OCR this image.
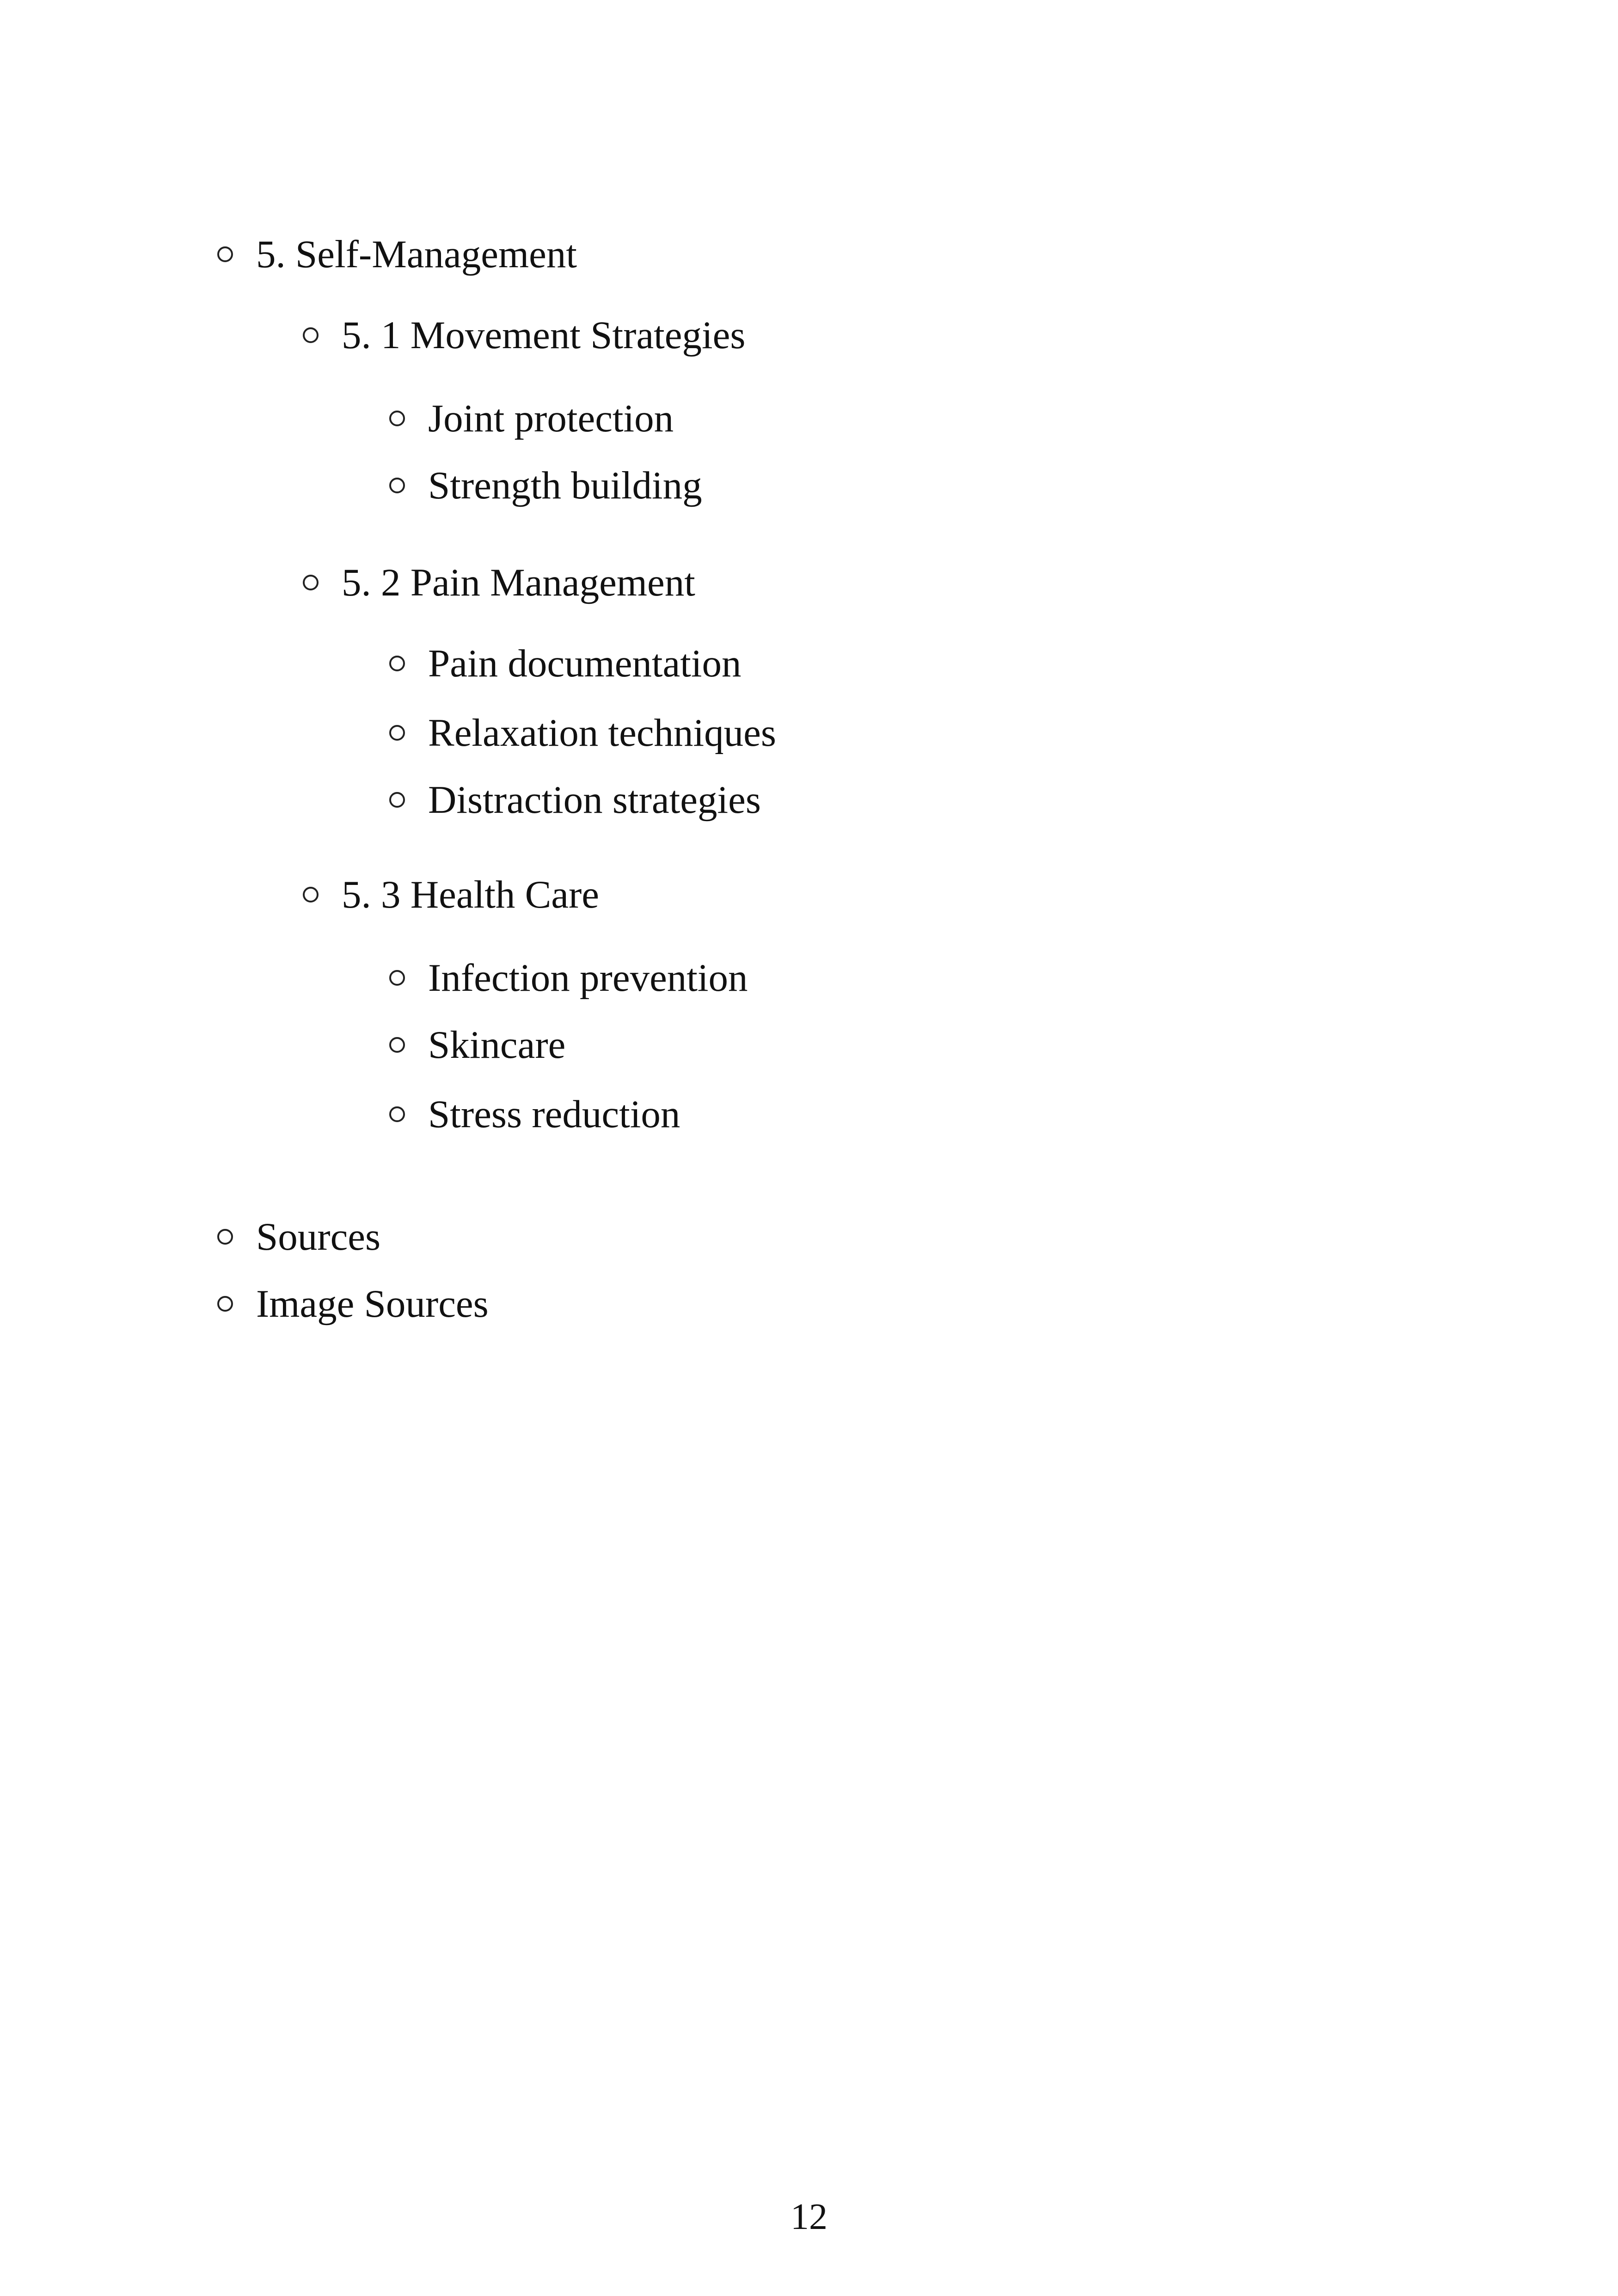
5. Self-Management
5. 1 Movement Strategies
Joint protection
Strength building
5. 2 Pain Management
Pain documentation
Relaxation techniques
Distraction strategies
5. 3 Health Care
Infection prevention
Skincare
Stress reduction
Sources
Image Sources
12
